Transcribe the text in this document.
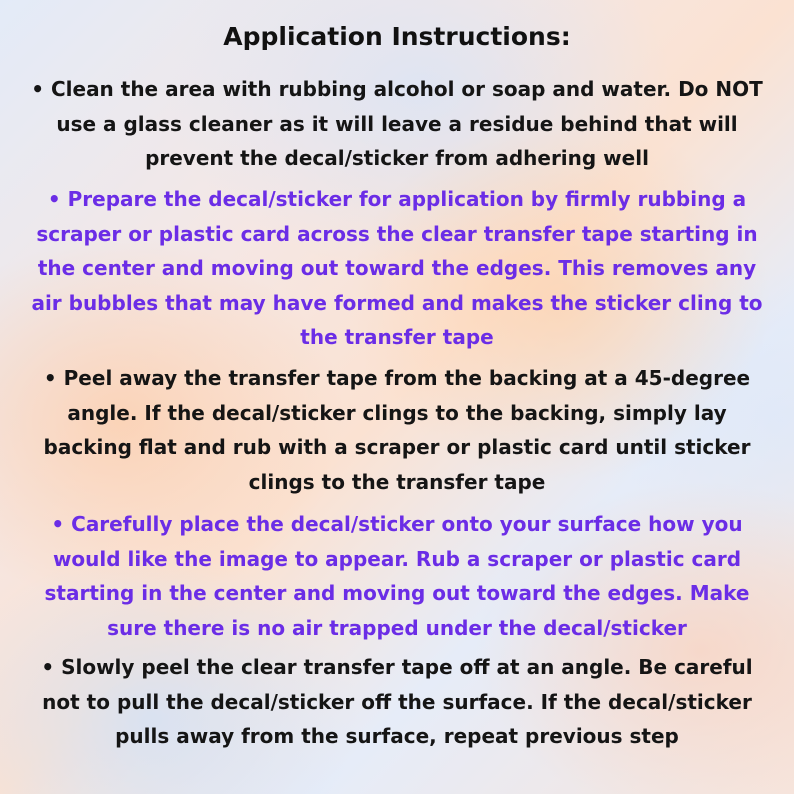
Application Instructions:

• Clean the area with rubbing alcohol or soap and water. Do NOT use a glass cleaner as it will leave a residue behind that will prevent the decal/sticker from adhering well

• Prepare the decal/sticker for application by firmly rubbing a scraper or plastic card across the clear transfer tape starting in the center and moving out toward the edges. This removes any air bubbles that may have formed and makes the sticker cling to the transfer tape

• Peel away the transfer tape from the backing at a 45-degree angle. If the decal/sticker clings to the backing, simply lay backing flat and rub with a scraper or plastic card until sticker clings to the transfer tape

• Carefully place the decal/sticker onto your surface how you would like the image to appear. Rub a scraper or plastic card starting in the center and moving out toward the edges. Make sure there is no air trapped under the decal/sticker

• Slowly peel the clear transfer tape off at an angle. Be careful not to pull the decal/sticker off the surface. If the decal/sticker pulls away from the surface, repeat previous step
